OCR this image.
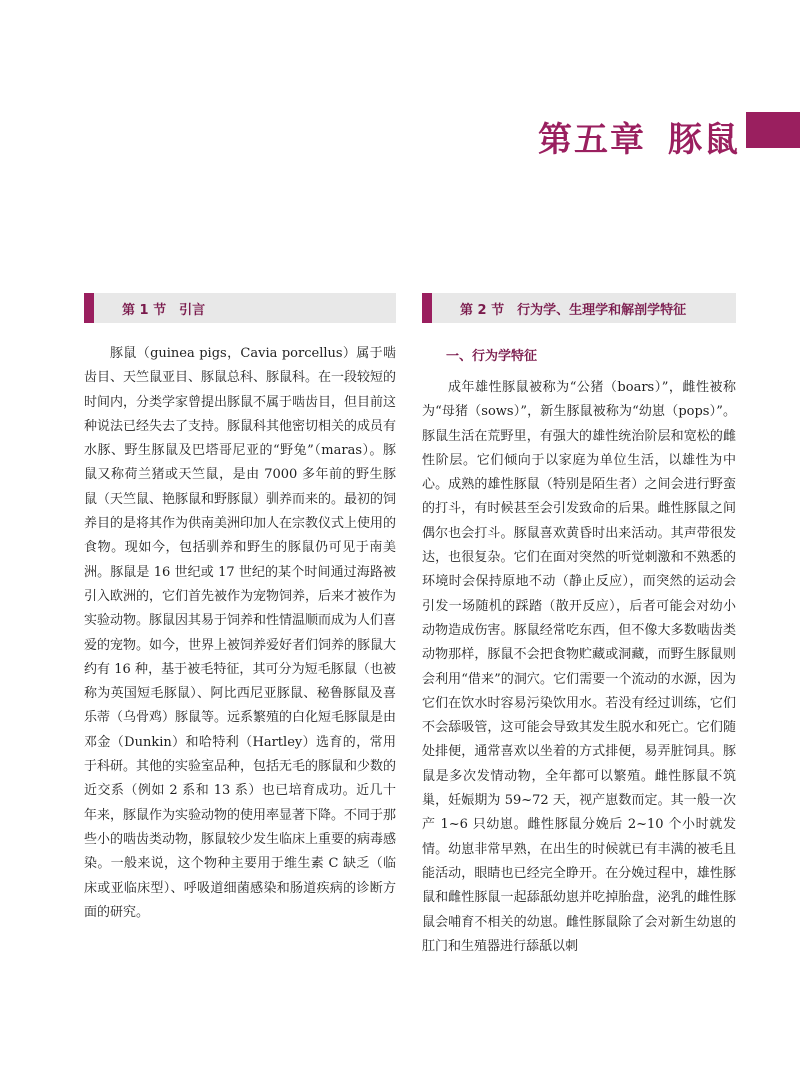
第五章 豚鼠
第 1 节　引言

豚鼠（guinea pigs，Cavia porcellus）属于啮齿目、天竺鼠亚目、豚鼠总科、豚鼠科。在一段较短的时间内，分类学家曾提出豚鼠不属于啮齿目，但目前这种说法已经失去了支持。豚鼠科其他密切相关的成员有水豚、野生豚鼠及巴塔哥尼亚的“野兔”（maras）。豚鼠又称荷兰猪或天竺鼠，是由 7000 多年前的野生豚鼠（天竺鼠、艳豚鼠和野豚鼠）驯养而来的。最初的饲养目的是将其作为供南美洲印加人在宗教仪式上使用的食物。现如今，包括驯养和野生的豚鼠仍可见于南美洲。豚鼠是 16 世纪或 17 世纪的某个时间通过海路被引入欧洲的，它们首先被作为宠物饲养，后来才被作为实验动物。豚鼠因其易于饲养和性情温顺而成为人们喜爱的宠物。如今，世界上被饲养爱好者们饲养的豚鼠大约有 16 种，基于被毛特征，其可分为短毛豚鼠（也被称为英国短毛豚鼠）、阿比西尼亚豚鼠、秘鲁豚鼠及喜乐蒂（乌骨鸡）豚鼠等。远系繁殖的白化短毛豚鼠是由邓金（Dunkin）和哈特利（Hartley）选育的，常用于科研。其他的实验室品种，包括无毛的豚鼠和少数的近交系（例如 2 系和 13 系）也已培育成功。近几十年来，豚鼠作为实验动物的使用率显著下降。不同于那些小的啮齿类动物，豚鼠较少发生临床上重要的病毒感染。一般来说，这个物种主要用于维生素 C 缺乏（临床或亚临床型）、呼吸道细菌感染和肠道疾病的诊断方面的研究。

第 2 节　行为学、生理学和解剖学特征
一、行为学特征

成年雄性豚鼠被称为“公猪（boars）”，雌性被称为“母猪（sows）”，新生豚鼠被称为“幼崽（pops）”。豚鼠生活在荒野里，有强大的雄性统治阶层和宽松的雌性阶层。它们倾向于以家庭为单位生活，以雄性为中心。成熟的雄性豚鼠（特别是陌生者）之间会进行野蛮的打斗，有时候甚至会引发致命的后果。雌性豚鼠之间偶尔也会打斗。豚鼠喜欢黄昏时出来活动。其声带很发达，也很复杂。它们在面对突然的听觉刺激和不熟悉的环境时会保持原地不动（静止反应），而突然的运动会引发一场随机的踩踏（散开反应），后者可能会对幼小动物造成伤害。豚鼠经常吃东西，但不像大多数啮齿类动物那样，豚鼠不会把食物贮藏或洞藏，而野生豚鼠则会利用“借来”的洞穴。它们需要一个流动的水源，因为它们在饮水时容易污染饮用水。若没有经过训练，它们不会舔吸管，这可能会导致其发生脱水和死亡。它们随处排便，通常喜欢以坐着的方式排便，易弄脏饲具。豚鼠是多次发情动物，全年都可以繁殖。雌性豚鼠不筑巢，妊娠期为 59~72 天，视产崽数而定。其一般一次产 1~6 只幼崽。雌性豚鼠分娩后 2~10 个小时就发情。幼崽非常早熟，在出生的时候就已有丰满的被毛且能活动，眼睛也已经完全睁开。在分娩过程中，雄性豚鼠和雌性豚鼠一起舔舐幼崽并吃掉胎盘，泌乳的雌性豚鼠会哺育不相关的幼崽。雌性豚鼠除了会对新生幼崽的肛门和生殖器进行舔舐以刺
